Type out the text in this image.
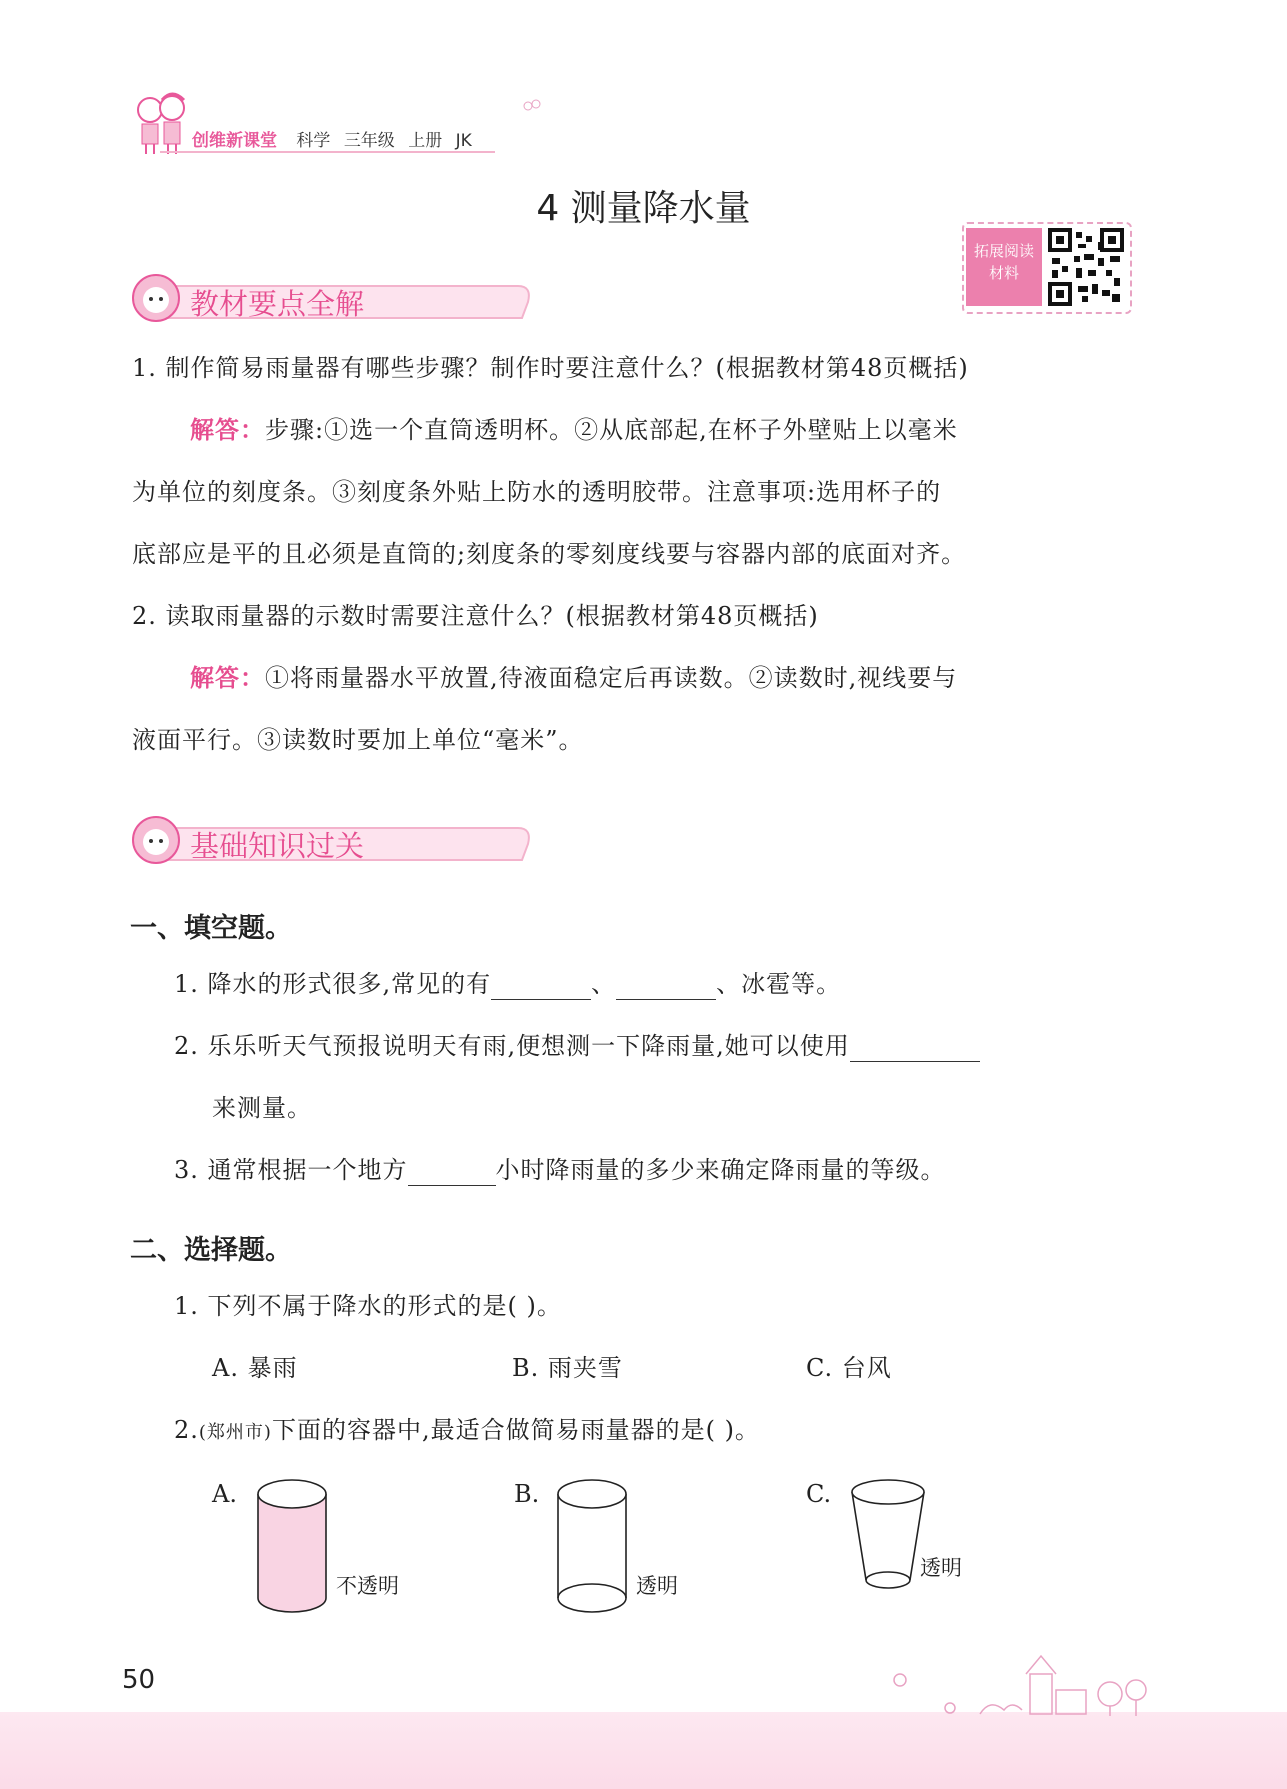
创维新课堂 科学 三年级 上册 JK
4 测量降水量
拓展阅读
材料
教材要点全解
1. 制作简易雨量器有哪些步骤？制作时要注意什么？(根据教材第48页概括)
解答：步骤:①选一个直筒透明杯。②从底部起,在杯子外壁贴上以毫米
为单位的刻度条。③刻度条外贴上防水的透明胶带。注意事项:选用杯子的
底部应是平的且必须是直筒的;刻度条的零刻度线要与容器内部的底面对齐。
2. 读取雨量器的示数时需要注意什么？(根据教材第48页概括)
解答：①将雨量器水平放置,待液面稳定后再读数。②读数时,视线要与
液面平行。③读数时要加上单位“毫米”。
基础知识过关
一、填空题。
1. 降水的形式很多,常见的有	、	、冰雹等。
2. 乐乐听天气预报说明天有雨,便想测一下降雨量,她可以使用
来测量。
3. 通常根据一个地方	小时降雨量的多少来确定降雨量的等级。
二、选择题。
1. 下列不属于降水的形式的是( )。
A. 暴雨	B. 雨夹雪	C. 台风
2.(郑州市)下面的容器中,最适合做简易雨量器的是( )。
A.
不透明
B.
透明
C.
透明
50
